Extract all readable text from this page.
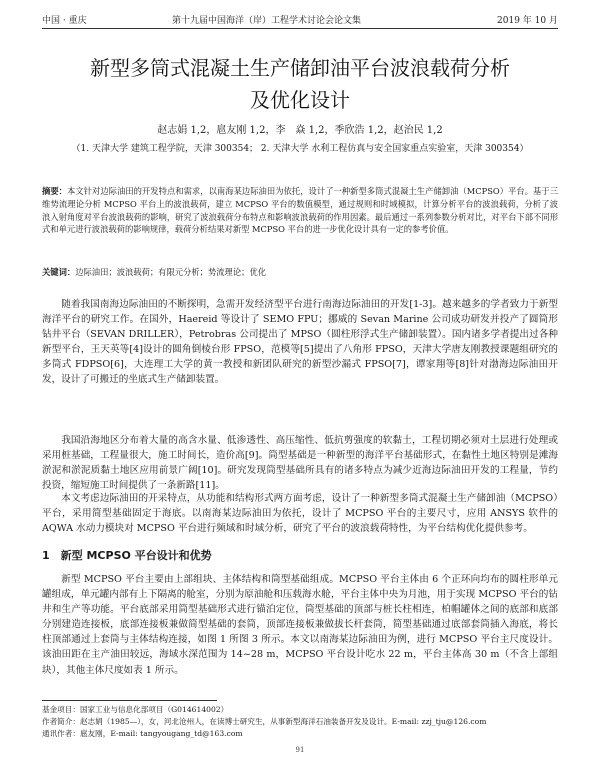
中国 · 重庆	第十九届中国海洋（岸）工程学术讨论会论文集	2019 年 10 月
新型多筒式混凝土生产储卸油平台波浪载荷分析
及优化设计
赵志娟 1,2，扈友刚 1,2，李　焱 1,2，季欣浩 1,2，赵治民 1,2
（1. 天津大学 建筑工程学院，天津 300354； 2. 天津大学 水利工程仿真与安全国家重点实验室，天津 300354）
摘要：本文针对边际油田的开发特点和需求，以南海某边际油田为依托，设计了一种新型多筒式混凝土生产储卸油（MCPSO）平台。基于三维势流理论分析 MCPSO 平台上的波浪载荷，建立 MCPSO 平台的数值模型，通过规则和时域模拟，计算分析平台的波浪载荷，分析了波浪入射角度对平台波浪载荷的影响，研究了波浪载荷分布特点和影响波浪载荷的作用因素。最后通过一系列参数分析对比，对平台下部不同形式和单元进行波浪载荷的影响规律，载荷分析结果对新型 MCPSO 平台的进一步优化设计具有一定的参考价值。
关键词：边际油田；波浪载荷；有限元分析；势流理论；优化

随着我国南海边际油田的不断探明，急需开发经济型平台进行南海边际油田的开发[1-3]。越来越多的学者致力于新型海洋平台的研究工作。在国外，Haereid 等设计了 SEMO FPU；挪威的 Sevan Marine 公司成功研发并投产了圆筒形钻井平台（SEVAN DRILLER），Petrobras 公司提出了 MPSO（圆柱形浮式生产储卸装置）。国内诸多学者提出过各种新型平台，王天英等[4]设计的圆角倒棱台形 FPSO，范模等[5]提出了八角形 FPSO，天津大学唐友刚教授课题组研究的多筒式 FDPSO[6]，大连理工大学的黄一教授和新团队研究的新型沙漏式 FPSO[7]，谭家翔等[8]针对渤海边际油田开发，设计了可搬迁的坐底式生产储卸装置。

我国沿海地区分布着大量的高含水量、低渗透性、高压缩性、低抗剪强度的软黏土，工程切期必须对土层进行处理或采用桩基础，工程量很大，施工时间长，造价高[9]。筒型基础是一种新型的海洋平台基础形式，在黏性土地区特别是滩海淤泥和淤泥质黏土地区应用前景广阔[10]。研究发现筒型基础所具有的诸多特点为减少近海边际油田开发的工程量，节约投资，缩短施工时间提供了一条新路[11]。

本文考虑边际油田的开采特点，从功能和结构形式两方面考虑，设计了一种新型多筒式混凝土生产储卸油（MCPSO）平台，采用简型基础固定于海底。以南海某边际油田为依托，设计了 MCPSO 平台的主要尺寸，应用 ANSYS 软件的 AQWA 水动力模块对 MCPSO 平台进行频域和时域分析，研究了平台的波浪载荷特性，为平台结构优化提供参考。

1　新型 MCPSO 平台设计和优势

新型 MCPSO 平台主要由上部组块、主体结构和筒型基础组成。MCPSO 平台主体由 6 个正环向均布的圆柱形单元罐组成，单元罐内部有上下隔离的舱室，分别为原油舱和压载海水舱，平台主体中央为月池，用于实现 MCPSO 平台的钻井和生产等功能。平台底部采用筒型基础形式进行锚泊定位，筒型基础的顶部与桩长柱相连，柏帽罐体之间的底部和底部分别建造连接板，底部连接板兼做简型基础的套筒，顶部连接板兼做拔长杆套筒，简型基础通过底部套筒插入海底，将长柱顶部通过上套筒与主体结构连接，如图 1 所图 3 所示。本文以南海某边际油田为例，进行 MCPSO 平台主尺度设计。该油田距在主产油田较远，海域水深范围为 14~28 m，MCPSO 平台设计吃水 22 m，平台主体高 30 m（不含上部组块），其他主体尺度如表 1 所示。

基金项目：国家工业与信息化部项目（G014614002）
作者简介：赵志娟（1985—），女，河北沧州人，在读博士研究生，从事新型海洋石油装备开发及设计。E-mail: zzj_tju@126.com
通讯作者：扈友刚，E-mail: tangyougang_td@163.com
91
